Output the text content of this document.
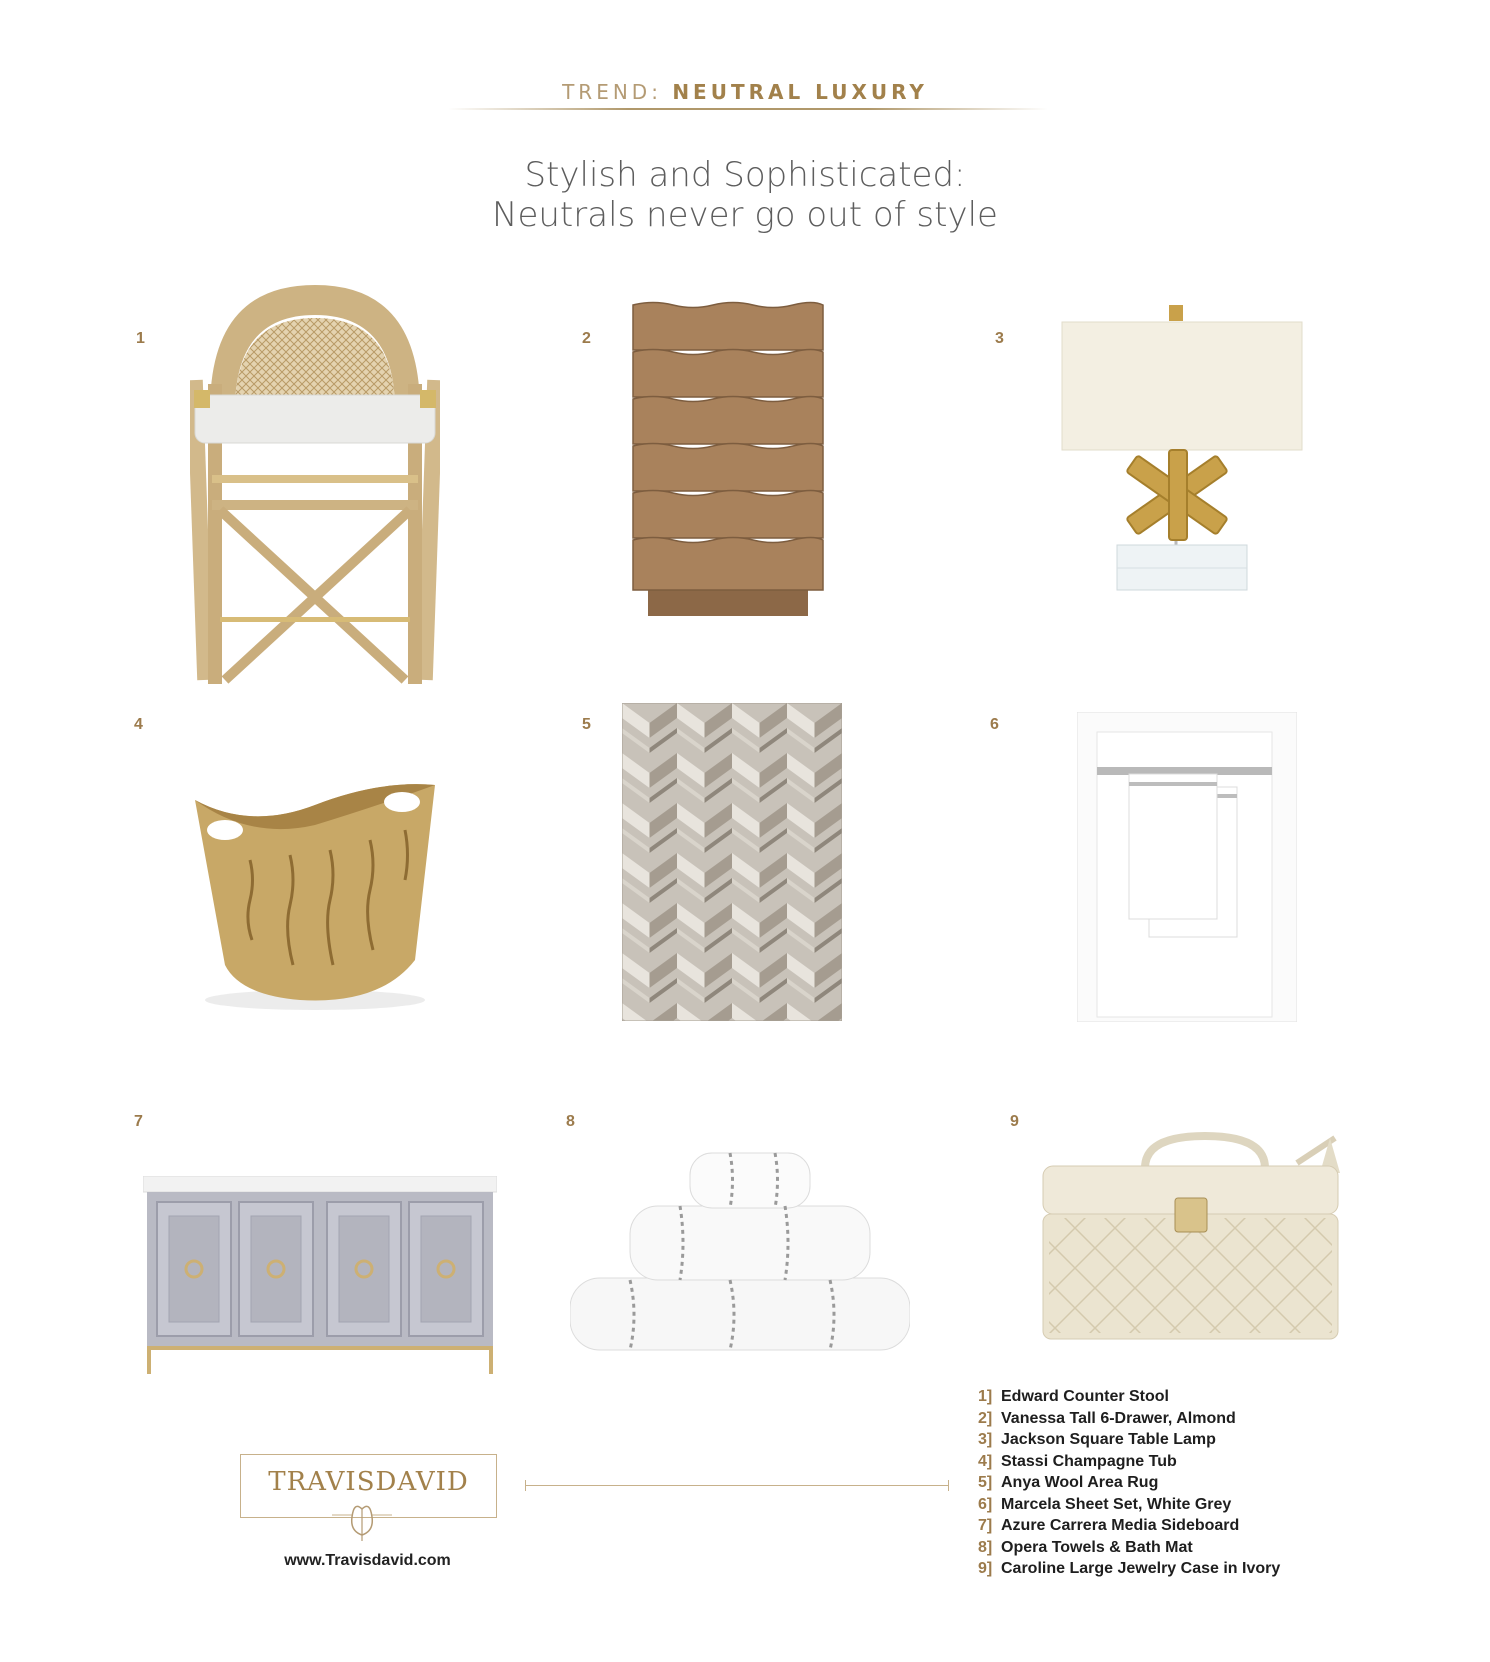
TREND: NEUTRAL LUXURY
Stylish and Sophisticated:
Neutrals never go out of style
1	2	3
4	5	6
7	8	9
TRAVISDAVID
www.Travisdavid.com
1] Edward Counter Stool
2] Vanessa Tall 6-Drawer, Almond
3] Jackson Square Table Lamp
4] Stassi Champagne Tub
5] Anya Wool Area Rug
6] Marcela Sheet Set, White Grey
7] Azure Carrera Media Sideboard
8] Opera Towels & Bath Mat
9] Caroline Large Jewelry Case in Ivory
